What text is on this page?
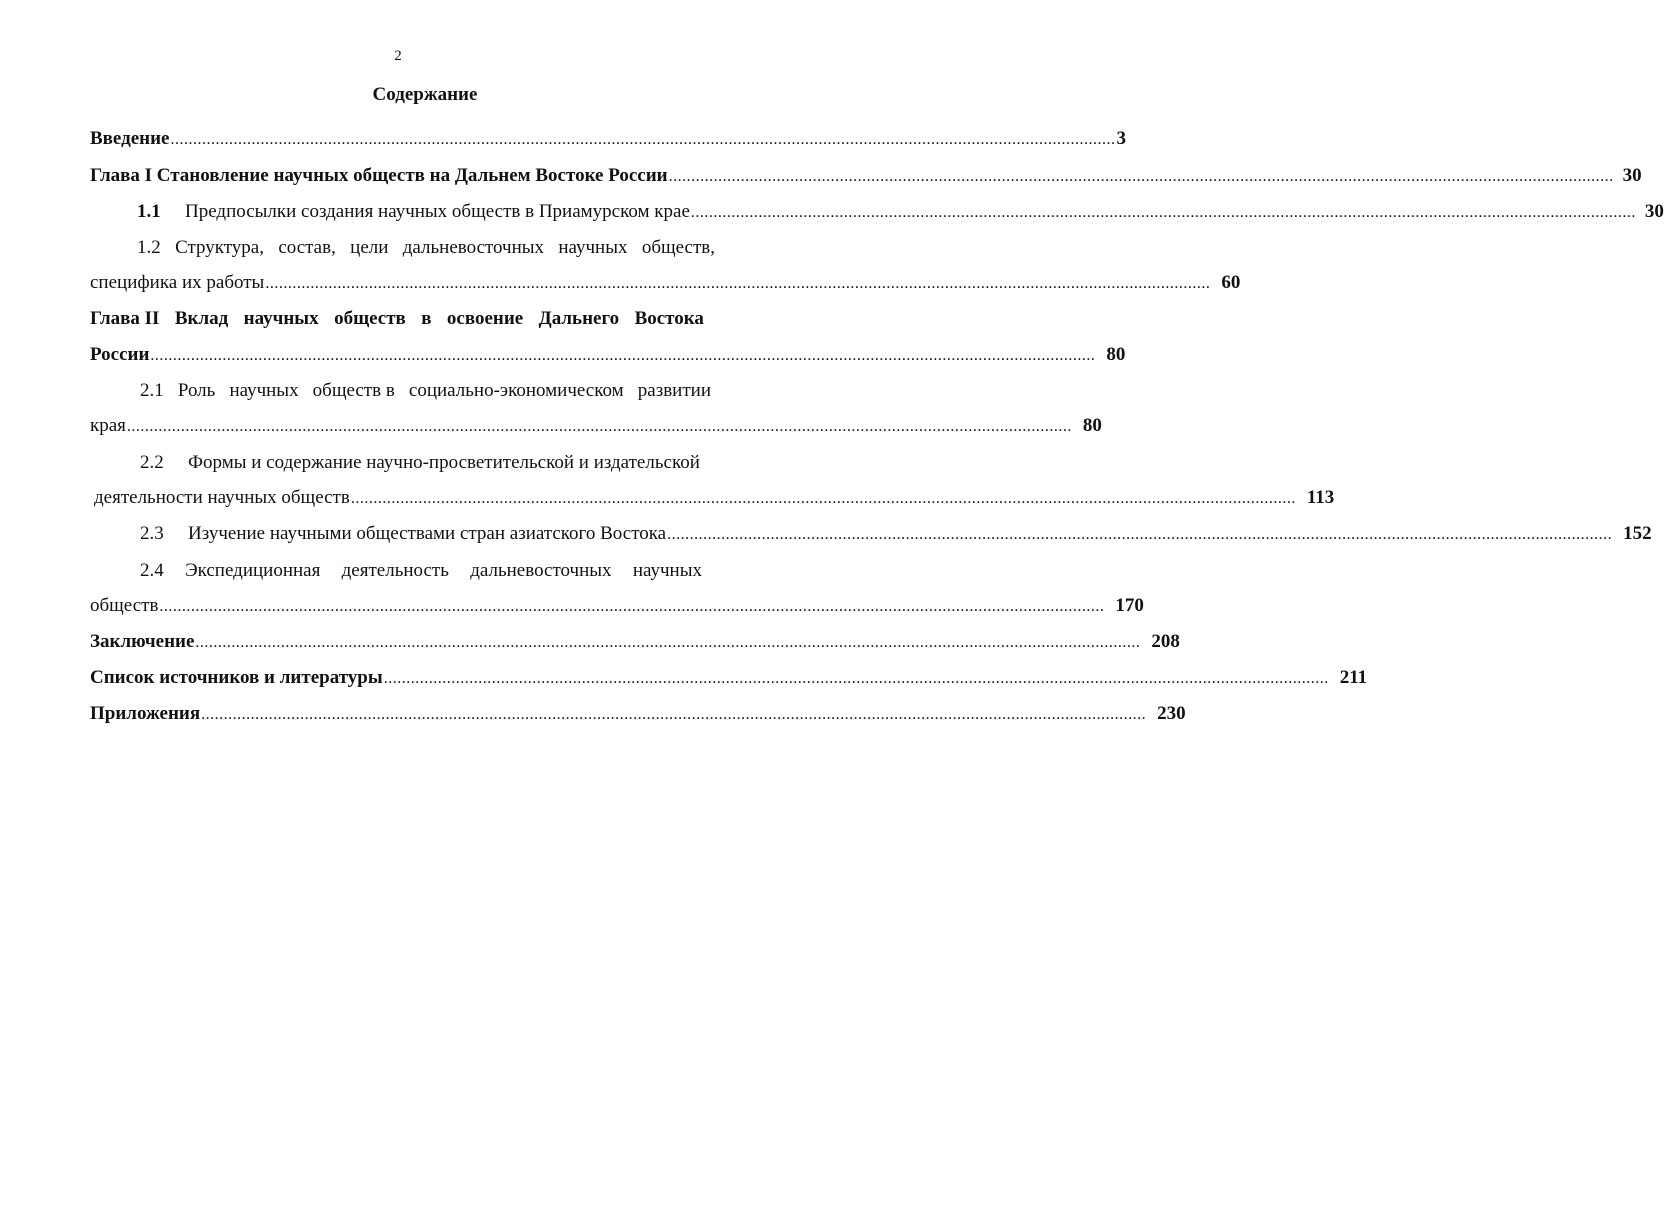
2
Содержание
Введение .................................................................................................................................................................................................................. 3
Глава I Становление научных обществ на Дальнем Востоке России .................................................................................................................................................................................................................. 30
1.1	Предпосылки создания научных обществ в Приамурском крае .................................................................................................................................................................................................................. 30
1.2 Структура, состав, цели дальневосточных научных обществ,
специфика их работы .................................................................................................................................................................................................................. 60
Глава II Вклад научных обществ в освоение Дальнего Востока
России .................................................................................................................................................................................................................. 80
2.1 Роль научных обществ в социально-экономическом развитии
края .................................................................................................................................................................................................................. 80
2.2	Формы и содержание научно-просветительской и издательской
деятельности научных обществ .................................................................................................................................................................................................................. 113
2.3	Изучение научными обществами стран азиатского Востока .................................................................................................................................................................................................................. 152
2.4 Экспедиционная деятельность дальневосточных научных
обществ .................................................................................................................................................................................................................. 170
Заключение .................................................................................................................................................................................................................. 208
Список источников и литературы .................................................................................................................................................................................................................. 211
Приложения .................................................................................................................................................................................................................. 230
